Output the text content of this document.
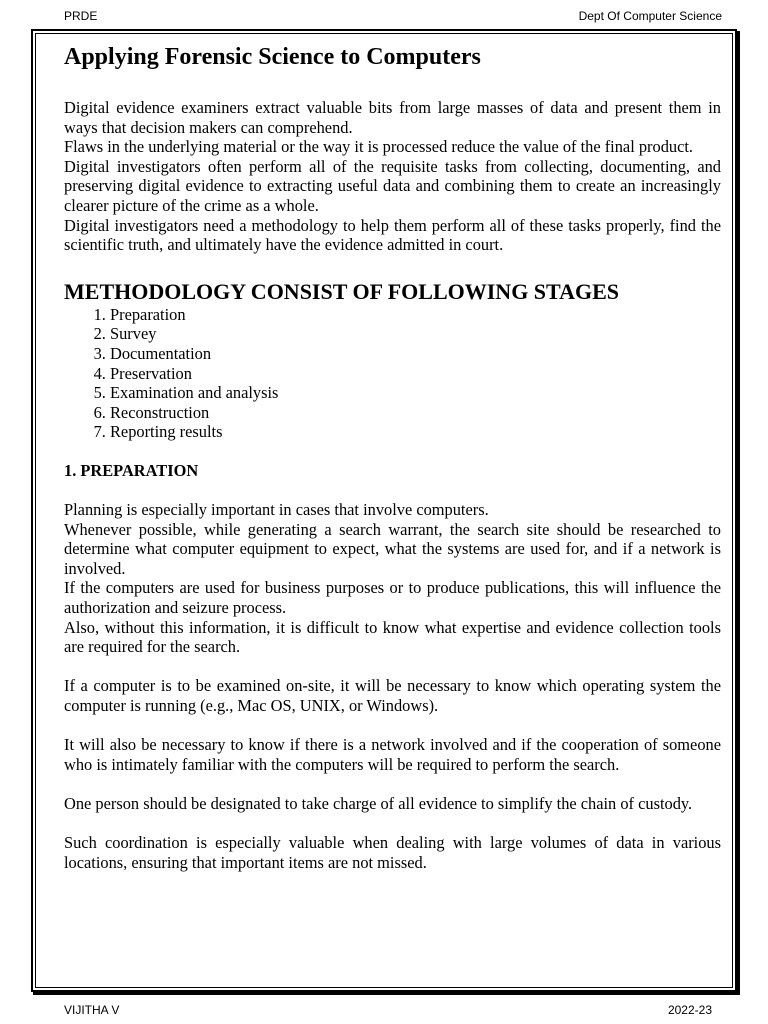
PRDE	Dept Of Computer Science
Applying Forensic Science to Computers

Digital evidence examiners extract valuable bits from large masses of data and present them in ways that decision makers can comprehend.

Flaws in the underlying material or the way it is processed reduce the value of the final product.

Digital investigators often perform all of the requisite tasks from collecting, documenting, and preserving digital evidence to extracting useful data and combining them to create an increasingly clearer picture of the crime as a whole.

Digital investigators need a methodology to help them perform all of these tasks properly, find the scientific truth, and ultimately have the evidence admitted in court.

METHODOLOGY CONSIST OF FOLLOWING STAGES
1. Preparation
2. Survey
3. Documentation
4. Preservation
5. Examination and analysis
6. Reconstruction
7. Reporting results
1. PREPARATION

Planning is especially important in cases that involve computers.

Whenever possible, while generating a search warrant, the search site should be researched to determine what computer equipment to expect, what the systems are used for, and if a network is involved.

If the computers are used for business purposes or to produce publications, this will influence the authorization and seizure process.

Also, without this information, it is difficult to know what expertise and evidence collection tools are required for the search.

If a computer is to be examined on-site, it will be necessary to know which operating system the computer is running (e.g., Mac OS, UNIX, or Windows).

It will also be necessary to know if there is a network involved and if the cooperation of someone who is intimately familiar with the computers will be required to perform the search.

One person should be designated to take charge of all evidence to simplify the chain of custody.

Such coordination is especially valuable when dealing with large volumes of data in various locations, ensuring that important items are not missed.

VIJITHA V	2022-23
